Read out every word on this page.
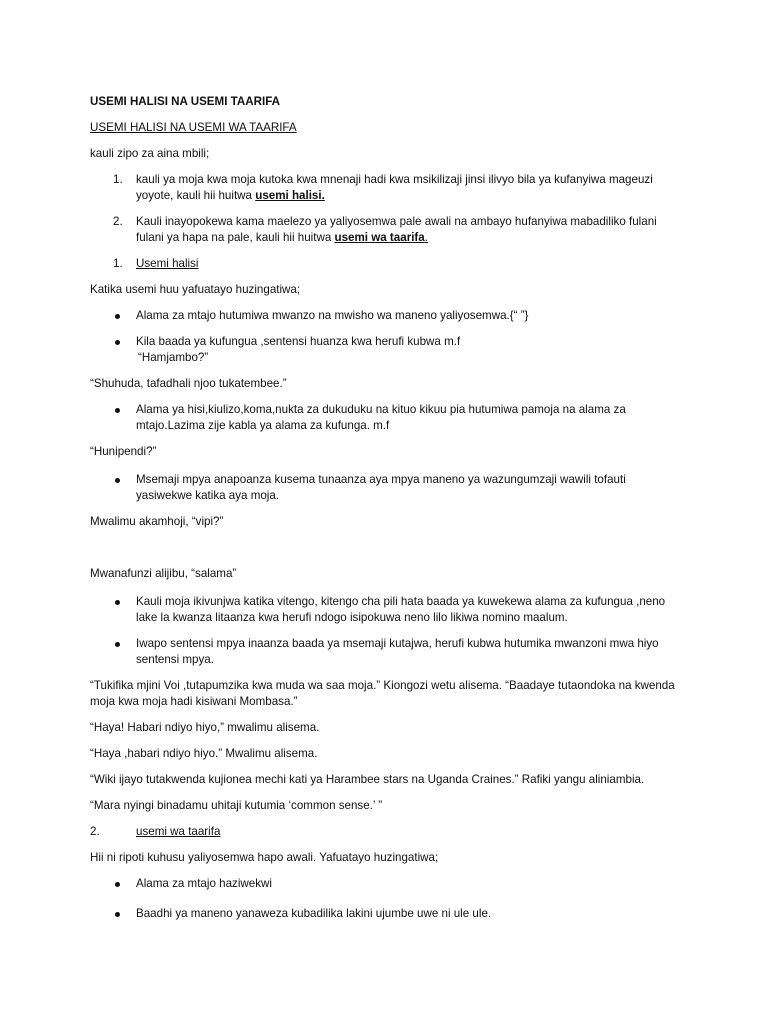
USEMI HALISI NA USEMI TAARIFA
USEMI HALISI NA USEMI WA TAARIFA
kauli zipo za aina mbili;
1. kauli ya moja kwa moja kutoka kwa mnenaji hadi kwa msikilizaji jinsi ilivyo bila ya kufanyiwa mageuzi
yoyote, kauli hii huitwa usemi halisi.
2. Kauli inayopokewa kama maelezo ya yaliyosemwa pale awali na ambayo hufanyiwa mabadiliko fulani
fulani ya hapa na pale, kauli hii huitwa usemi wa taarifa.
1. Usemi halisi
Katika usemi huu yafuatayo huzingatiwa;
Alama za mtajo hutumiwa mwanzo na mwisho wa maneno yaliyosemwa.{“ ”}
Kila baada ya kufungua ,sentensi huanza kwa herufi kubwa m.f
“Hamjambo?”
“Shuhuda, tafadhali njoo tukatembee.”
Alama ya hisi,kiulizo,koma,nukta za dukuduku na kituo kikuu pia hutumiwa pamoja na alama za
mtajo.Lazima zije kabla ya alama za kufunga. m.f
“Hunipendi?”
Msemaji mpya anapoanza kusema tunaanza aya mpya maneno ya wazungumzaji wawili tofauti
yasiwekwe katika aya moja.
Mwalimu akamhoji, “vipi?”
Mwanafunzi alijibu, “salama”
Kauli moja ikivunjwa katika vitengo, kitengo cha pili hata baada ya kuwekewa alama za kufungua ,neno
lake la kwanza litaanza kwa herufi ndogo isipokuwa neno lilo likiwa nomino maalum.
Iwapo sentensi mpya inaanza baada ya msemaji kutajwa, herufi kubwa hutumika mwanzoni mwa hiyo
sentensi mpya.
“Tukifika mjini Voi ,tutapumzika kwa muda wa saa moja.” Kiongozi wetu alisema. “Baadaye tutaondoka na kwenda
moja kwa moja hadi kisiwani Mombasa.”
“Haya! Habari ndiyo hiyo,” mwalimu alisema.
“Haya ,habari ndiyo hiyo.” Mwalimu alisema.
“Wiki ijayo tutakwenda kujionea mechi kati ya Harambee stars na Uganda Craines.” Rafiki yangu aliniambia.
“Mara nyingi binadamu uhitaji kutumia ‘common sense.’ ”
2.	usemi wa taarifa
Hii ni ripoti kuhusu yaliyosemwa hapo awali. Yafuatayo huzingatiwa;
Alama za mtajo haziwekwi
Baadhi ya maneno yanaweza kubadilika lakini ujumbe uwe ni ule ule.
